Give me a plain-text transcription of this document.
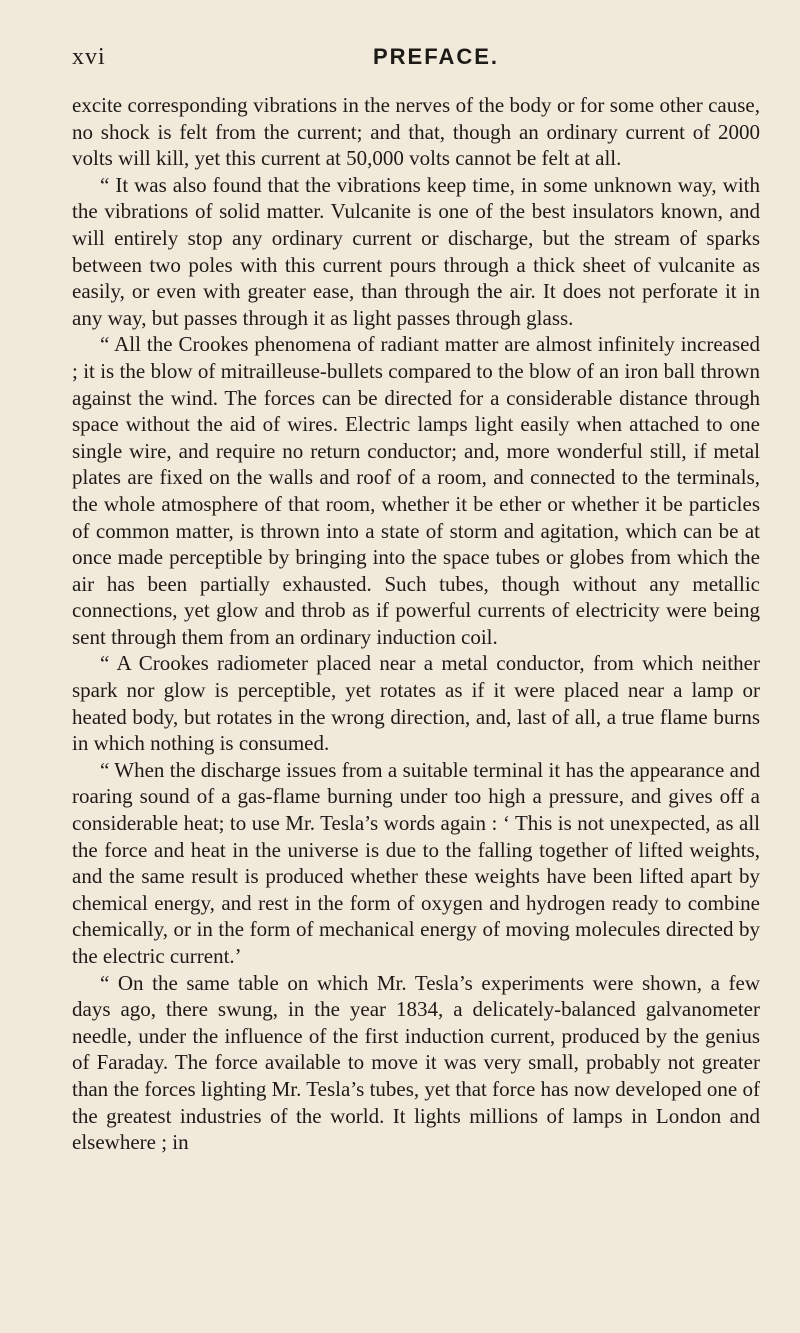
xvi	PREFACE.

excite corresponding vibrations in the nerves of the body or for some other cause, no shock is felt from the current; and that, though an ordinary current of 2000 volts will kill, yet this current at 50,000 volts cannot be felt at all.

“ It was also found that the vibrations keep time, in some unknown way, with the vibrations of solid matter. Vulcanite is one of the best insulators known, and will entirely stop any ordinary current or discharge, but the stream of sparks between two poles with this current pours through a thick sheet of vulcanite as easily, or even with greater ease, than through the air. It does not perforate it in any way, but passes through it as light passes through glass.

“ All the Crookes phenomena of radiant matter are almost infinitely increased ; it is the blow of mitrailleuse-bullets compared to the blow of an iron ball thrown against the wind. The forces can be directed for a considerable distance through space without the aid of wires. Electric lamps light easily when attached to one single wire, and require no return conductor; and, more wonderful still, if metal plates are fixed on the walls and roof of a room, and connected to the terminals, the whole atmosphere of that room, whether it be ether or whether it be particles of common matter, is thrown into a state of storm and agitation, which can be at once made perceptible by bringing into the space tubes or globes from which the air has been partially exhausted. Such tubes, though without any metallic connections, yet glow and throb as if powerful currents of electricity were being sent through them from an ordinary induction coil.

“ A Crookes radiometer placed near a metal conductor, from which neither spark nor glow is perceptible, yet rotates as if it were placed near a lamp or heated body, but rotates in the wrong direction, and, last of all, a true flame burns in which nothing is consumed.

“ When the discharge issues from a suitable terminal it has the appearance and roaring sound of a gas-flame burning under too high a pressure, and gives off a considerable heat; to use Mr. Tesla’s words again : ‘ This is not unexpected, as all the force and heat in the universe is due to the falling together of lifted weights, and the same result is produced whether these weights have been lifted apart by chemical energy, and rest in the form of oxygen and hydrogen ready to combine chemically, or in the form of mechanical energy of moving molecules directed by the electric current.’

“ On the same table on which Mr. Tesla’s experiments were shown, a few days ago, there swung, in the year 1834, a delicately-balanced galvanometer needle, under the influence of the first induction current, produced by the genius of Faraday. The force available to move it was very small, probably not greater than the forces lighting Mr. Tesla’s tubes, yet that force has now developed one of the greatest industries of the world. It lights millions of lamps in London and elsewhere ; in
